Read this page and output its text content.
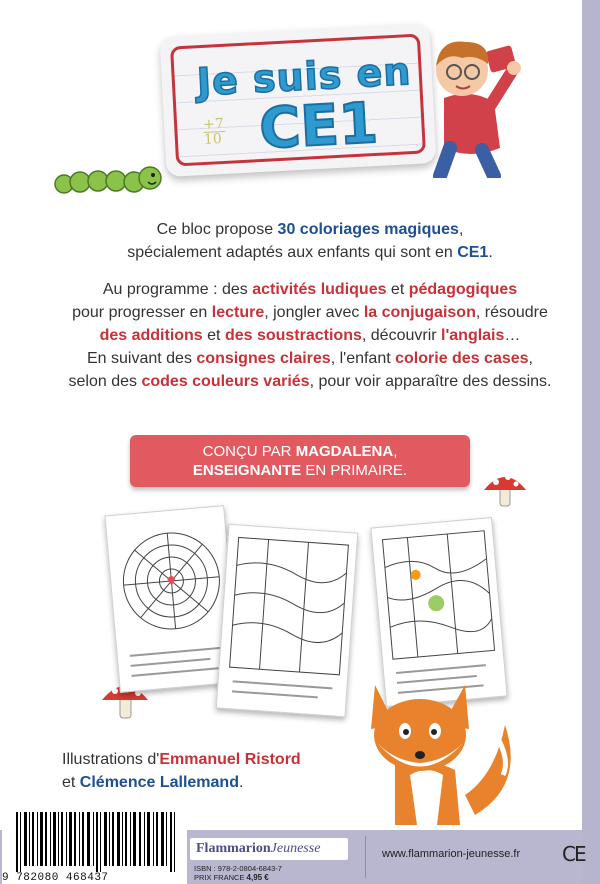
Je suis en
CE1
+7
10
Ce bloc propose 30 coloriages magiques,
spécialement adaptés aux enfants qui sont en CE1.
Au programme : des activités ludiques et pédagogiques
pour progresser en lecture, jongler avec la conjugaison, résoudre
des additions et des soustractions, découvrir l'anglais…
En suivant des consignes claires, l'enfant colorie des cases,
selon des codes couleurs variés, pour voir apparaître des dessins.
CONÇU PAR MAGDALENA,
ENSEIGNANTE EN PRIMAIRE.
Illustrations d'Emmanuel Ristord
et Clémence Lallemand.
9 782080 468437
FlammarionJeunesse
ISBN : 978-2-0804-6843-7
PRIX FRANCE 4,95 €
www.flammarion-jeunesse.fr CE
